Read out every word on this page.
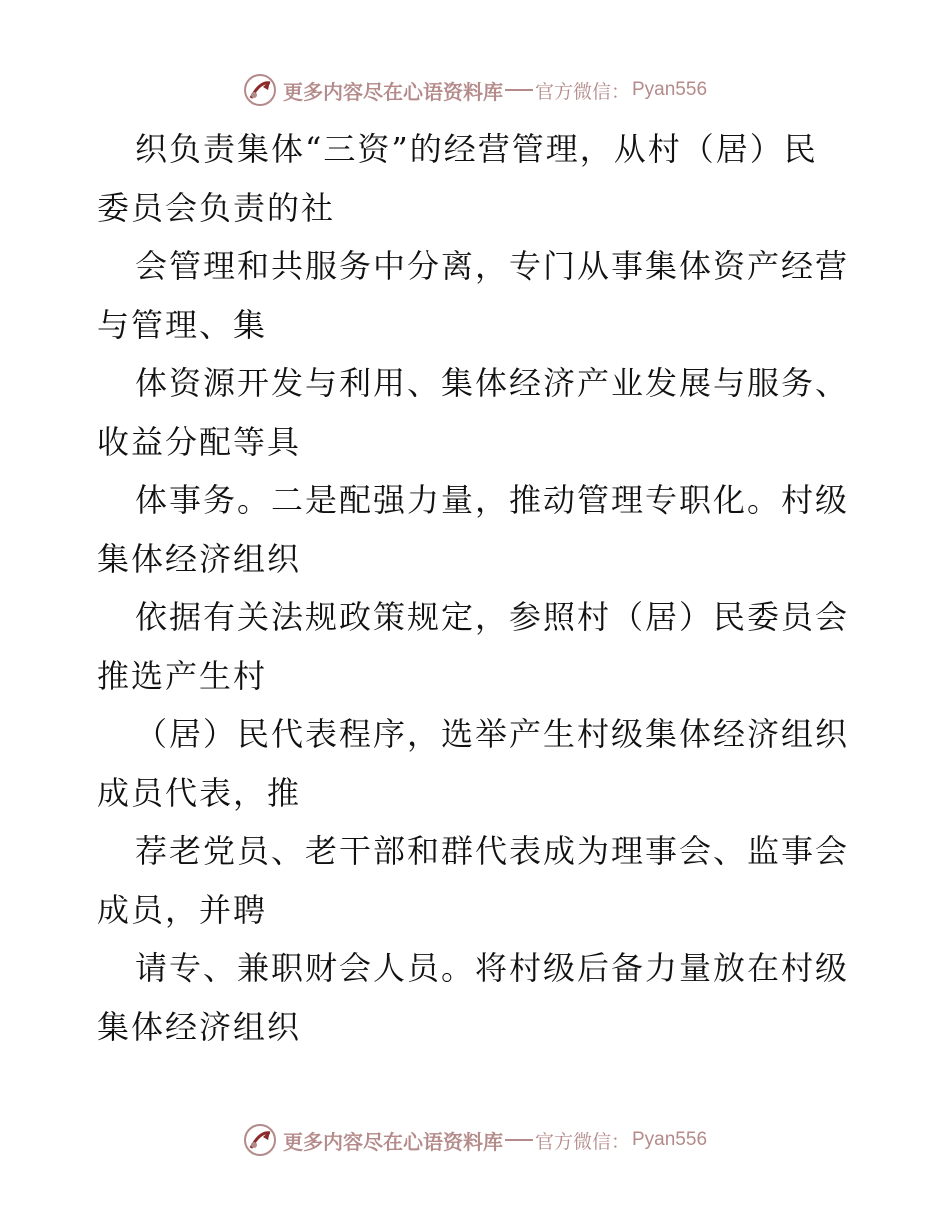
更多内容尽在心语资料库 官方微信： Pyan556
织负责集体“三资”的经营管理，从村（居）民
委员会负责的社
会管理和共服务中分离，专门从事集体资产经营
与管理、集
体资源开发与利用、集体经济产业发展与服务、
收益分配等具
体事务。二是配强力量，推动管理专职化。村级
集体经济组织
依据有关法规政策规定，参照村（居）民委员会
推选产生村
（居）民代表程序，选举产生村级集体经济组织
成员代表，推
荐老党员、老干部和群代表成为理事会、监事会
成员，并聘
请专、兼职财会人员。将村级后备力量放在村级
集体经济组织
更多内容尽在心语资料库 官方微信： Pyan556
